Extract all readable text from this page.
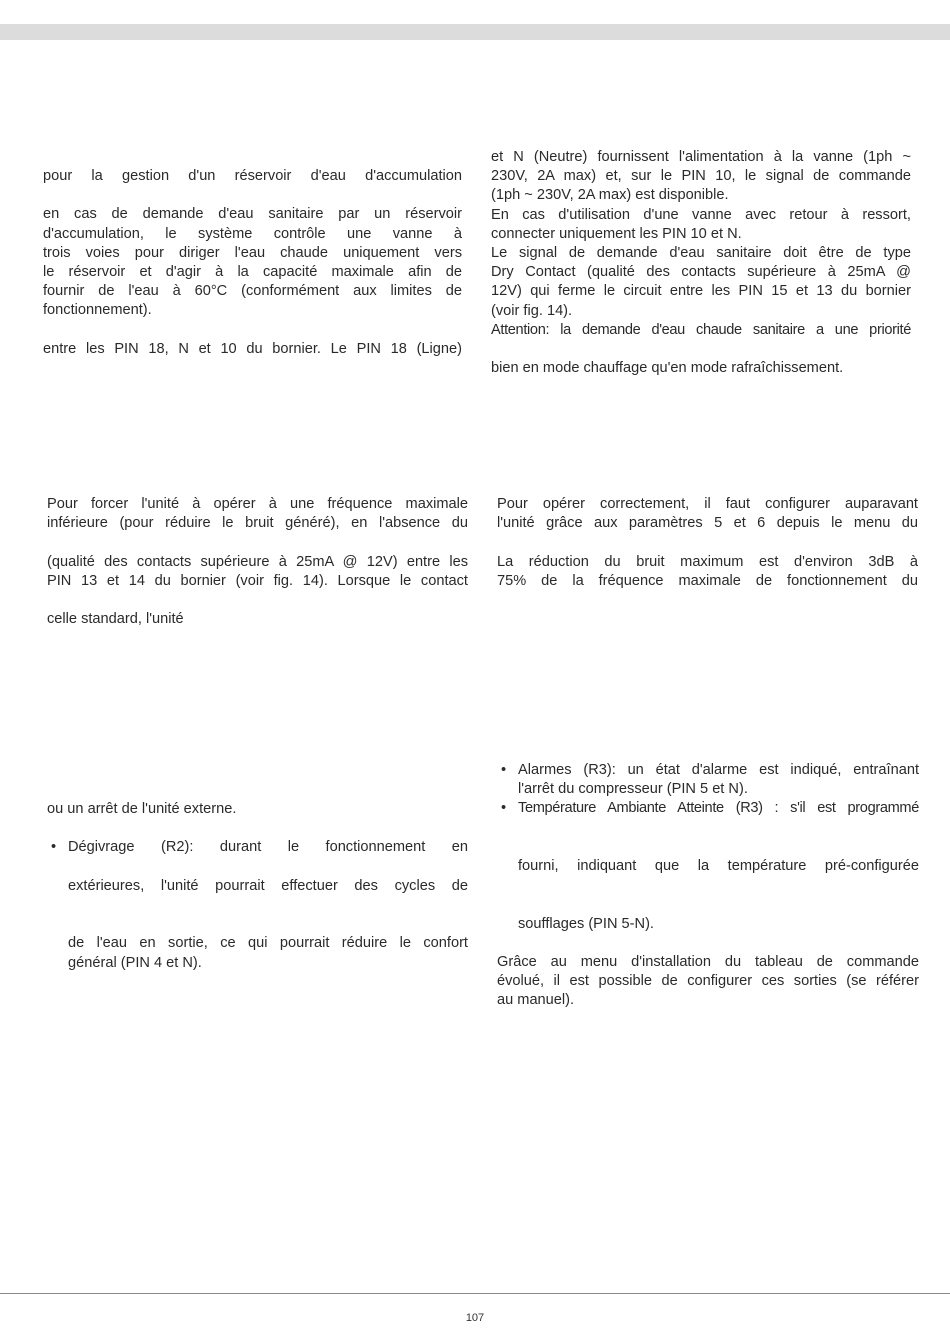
pour la gestion d'un réservoir d'eau d'accumulation
en cas de demande d'eau sanitaire par un réservoir
d'accumulation, le système contrôle une vanne à
trois voies pour diriger l'eau chaude uniquement vers
le réservoir et d'agir à la capacité maximale afin de
fournir de l'eau à 60°C (conformément aux limites de
fonctionnement).
entre les PIN 18, N et 10 du bornier. Le PIN 18 (Ligne)
et N (Neutre) fournissent l'alimentation à la vanne (1ph ~
230V, 2A max) et, sur le PIN 10, le signal de commande
(1ph ~ 230V, 2A max) est disponible.
En cas d'utilisation d'une vanne avec retour à ressort,
connecter uniquement les PIN 10 et N.
Le signal de demande d'eau sanitaire doit être de type
Dry Contact (qualité des contacts supérieure à 25mA @
12V) qui ferme le circuit entre les PIN 15 et 13 du bornier
(voir fig. 14).
Attention: la demande d'eau chaude sanitaire a une priorité
bien en mode chauffage qu'en mode rafraîchissement.
Pour forcer l'unité à opérer à une fréquence maximale
inférieure (pour réduire le bruit généré), en l'absence du
(qualité des contacts supérieure à 25mA @ 12V) entre les
PIN 13 et 14 du bornier (voir fig. 14). Lorsque le contact
celle standard, l'unité
Pour opérer correctement, il faut configurer auparavant
l'unité grâce aux paramètres 5 et 6 depuis le menu du
La réduction du bruit maximum est d'environ 3dB à
75% de la fréquence maximale de fonctionnement du
ou un arrêt de l'unité externe.
• Dégivrage (R2): durant le fonctionnement en
extérieures, l'unité pourrait effectuer des cycles de
de l'eau en sortie, ce qui pourrait réduire le confort
général (PIN 4 et N).
• Alarmes (R3): un état d'alarme est indiqué, entraînant
l'arrêt du compresseur (PIN 5 et N).
• Température Ambiante Atteinte (R3) : s'il est programmé
fourni, indiquant que la température pré-configurée
soufflages (PIN 5-N).
Grâce au menu d'installation du tableau de commande
évolué, il est possible de configurer ces sorties (se référer
au manuel).
107
